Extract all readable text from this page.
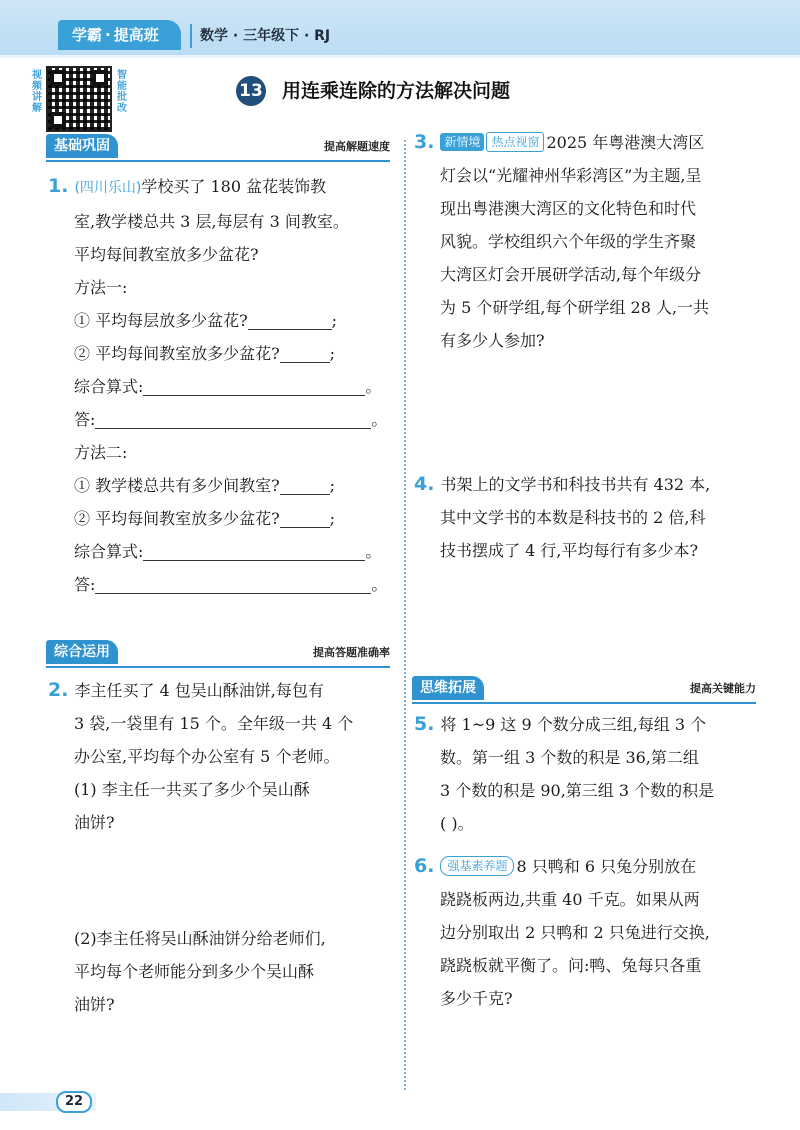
学霸 · 提高班	数学 · 三年级下 · RJ
视频讲解
智能批改
13 用连乘连除的方法解决问题
基础巩固	提高解题速度
1. (四川乐山)学校买了 180 盆花装饰教
室,教学楼总共 3 层,每层有 3 间教室。
平均每间教室放多少盆花?
方法一:
① 平均每层放多少盆花?	;
② 平均每间教室放多少盆花?	;
综合算式:	。
答:	。
方法二:
① 教学楼总共有多少间教室?	;
② 平均每间教室放多少盆花?	;
综合算式:	。
答:	。
综合运用	提高答题准确率
2. 李主任买了 4 包吴山酥油饼,每包有
3 袋,一袋里有 15 个。全年级一共 4 个
办公室,平均每个办公室有 5 个老师。
(1) 李主任一共买了多少个吴山酥
油饼?
(2)李主任将吴山酥油饼分给老师们,
平均每个老师能分到多少个吴山酥
油饼?
3. 新情境 热点视窗 2025 年粤港澳大湾区
灯会以“光耀神州华彩湾区”为主题,呈
现出粤港澳大湾区的文化特色和时代
风貌。学校组织六个年级的学生齐聚
大湾区灯会开展研学活动,每个年级分
为 5 个研学组,每个研学组 28 人,一共
有多少人参加?
4. 书架上的文学书和科技书共有 432 本,
其中文学书的本数是科技书的 2 倍,科
技书摆成了 4 行,平均每行有多少本?
思维拓展	提高关键能力
5. 将 1~9 这 9 个数分成三组,每组 3 个
数。第一组 3 个数的积是 36,第二组
3 个数的积是 90,第三组 3 个数的积是
( )。
6. 强基素养题 8 只鸭和 6 只兔分别放在
跷跷板两边,共重 40 千克。如果从两
边分别取出 2 只鸭和 2 只兔进行交换,
跷跷板就平衡了。问:鸭、兔每只各重
多少千克?
22
